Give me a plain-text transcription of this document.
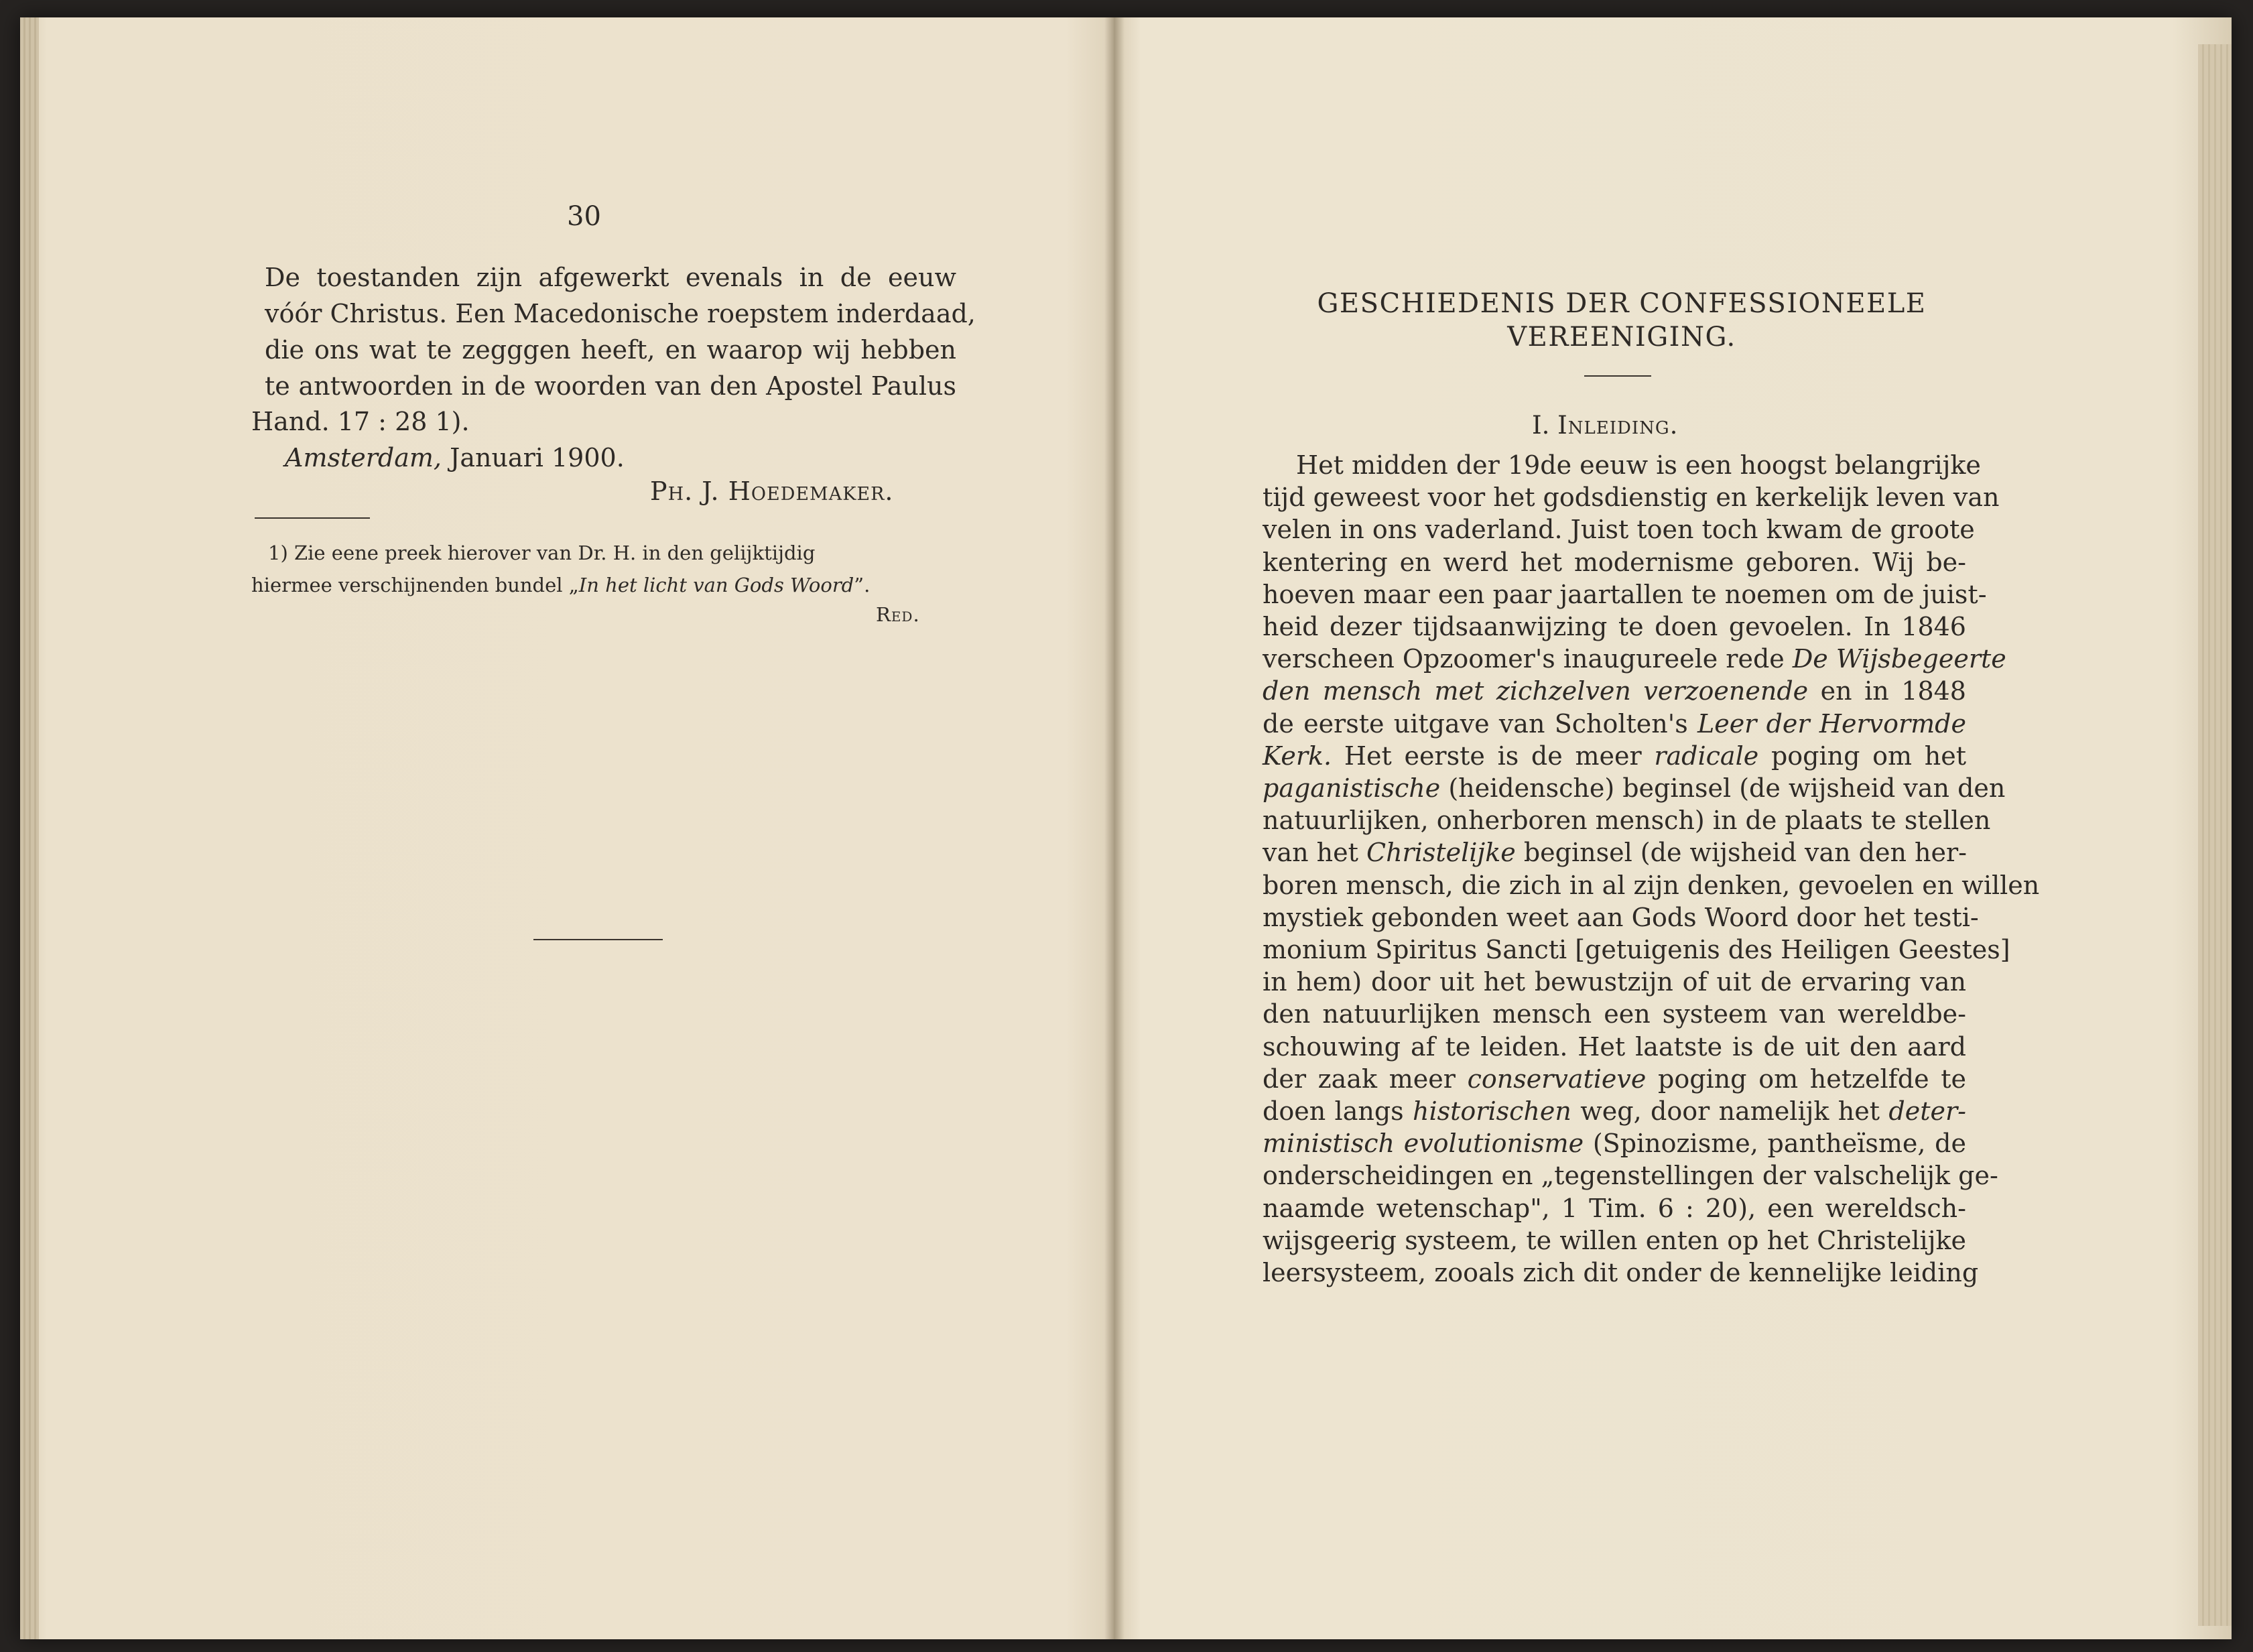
30
De toestanden zijn afgewerkt evenals in de eeuw
vóór Christus. Een Macedonische roepstem inderdaad,
die ons wat te zegggen heeft, en waarop wij hebben
te antwoorden in de woorden van den Apostel Paulus
Hand. 17 : 28 1).
Amsterdam, Januari 1900.
Ph. J. Hoedemaker.
1) Zie eene preek hierover van Dr. H. in den gelijktijdig
hiermee verschijnenden bundel „In het licht van Gods Woord”.
Red.
GESCHIEDENIS DER CONFESSIONEELE
VEREENIGING.
I. Inleiding.
Het midden der 19de eeuw is een hoogst belangrijke
tijd geweest voor het godsdienstig en kerkelijk leven van
velen in ons vaderland. Juist toen toch kwam de groote
kentering en werd het modernisme geboren. Wij be-
hoeven maar een paar jaartallen te noemen om de juist-
heid dezer tijdsaanwijzing te doen gevoelen. In 1846
verscheen Opzoomer's inaugureele rede De Wijsbegeerte
den mensch met zichzelven verzoenende en in 1848
de eerste uitgave van Scholten's Leer der Hervormde
Kerk. Het eerste is de meer radicale poging om het
paganistische (heidensche) beginsel (de wijsheid van den
natuurlijken, onherboren mensch) in de plaats te stellen
van het Christelijke beginsel (de wijsheid van den her-
boren mensch, die zich in al zijn denken, gevoelen en willen
mystiek gebonden weet aan Gods Woord door het testi-
monium Spiritus Sancti [getuigenis des Heiligen Geestes]
in hem) door uit het bewustzijn of uit de ervaring van
den natuurlijken mensch een systeem van wereldbe-
schouwing af te leiden. Het laatste is de uit den aard
der zaak meer conservatieve poging om hetzelfde te
doen langs historischen weg, door namelijk het deter-
ministisch evolutionisme (Spinozisme, pantheïsme, de
onderscheidingen en „tegenstellingen der valschelijk ge-
naamde wetenschap", 1 Tim. 6 : 20), een wereldsch-
wijsgeerig systeem, te willen enten op het Christelijke
leersysteem, zooals zich dit onder de kennelijke leiding
